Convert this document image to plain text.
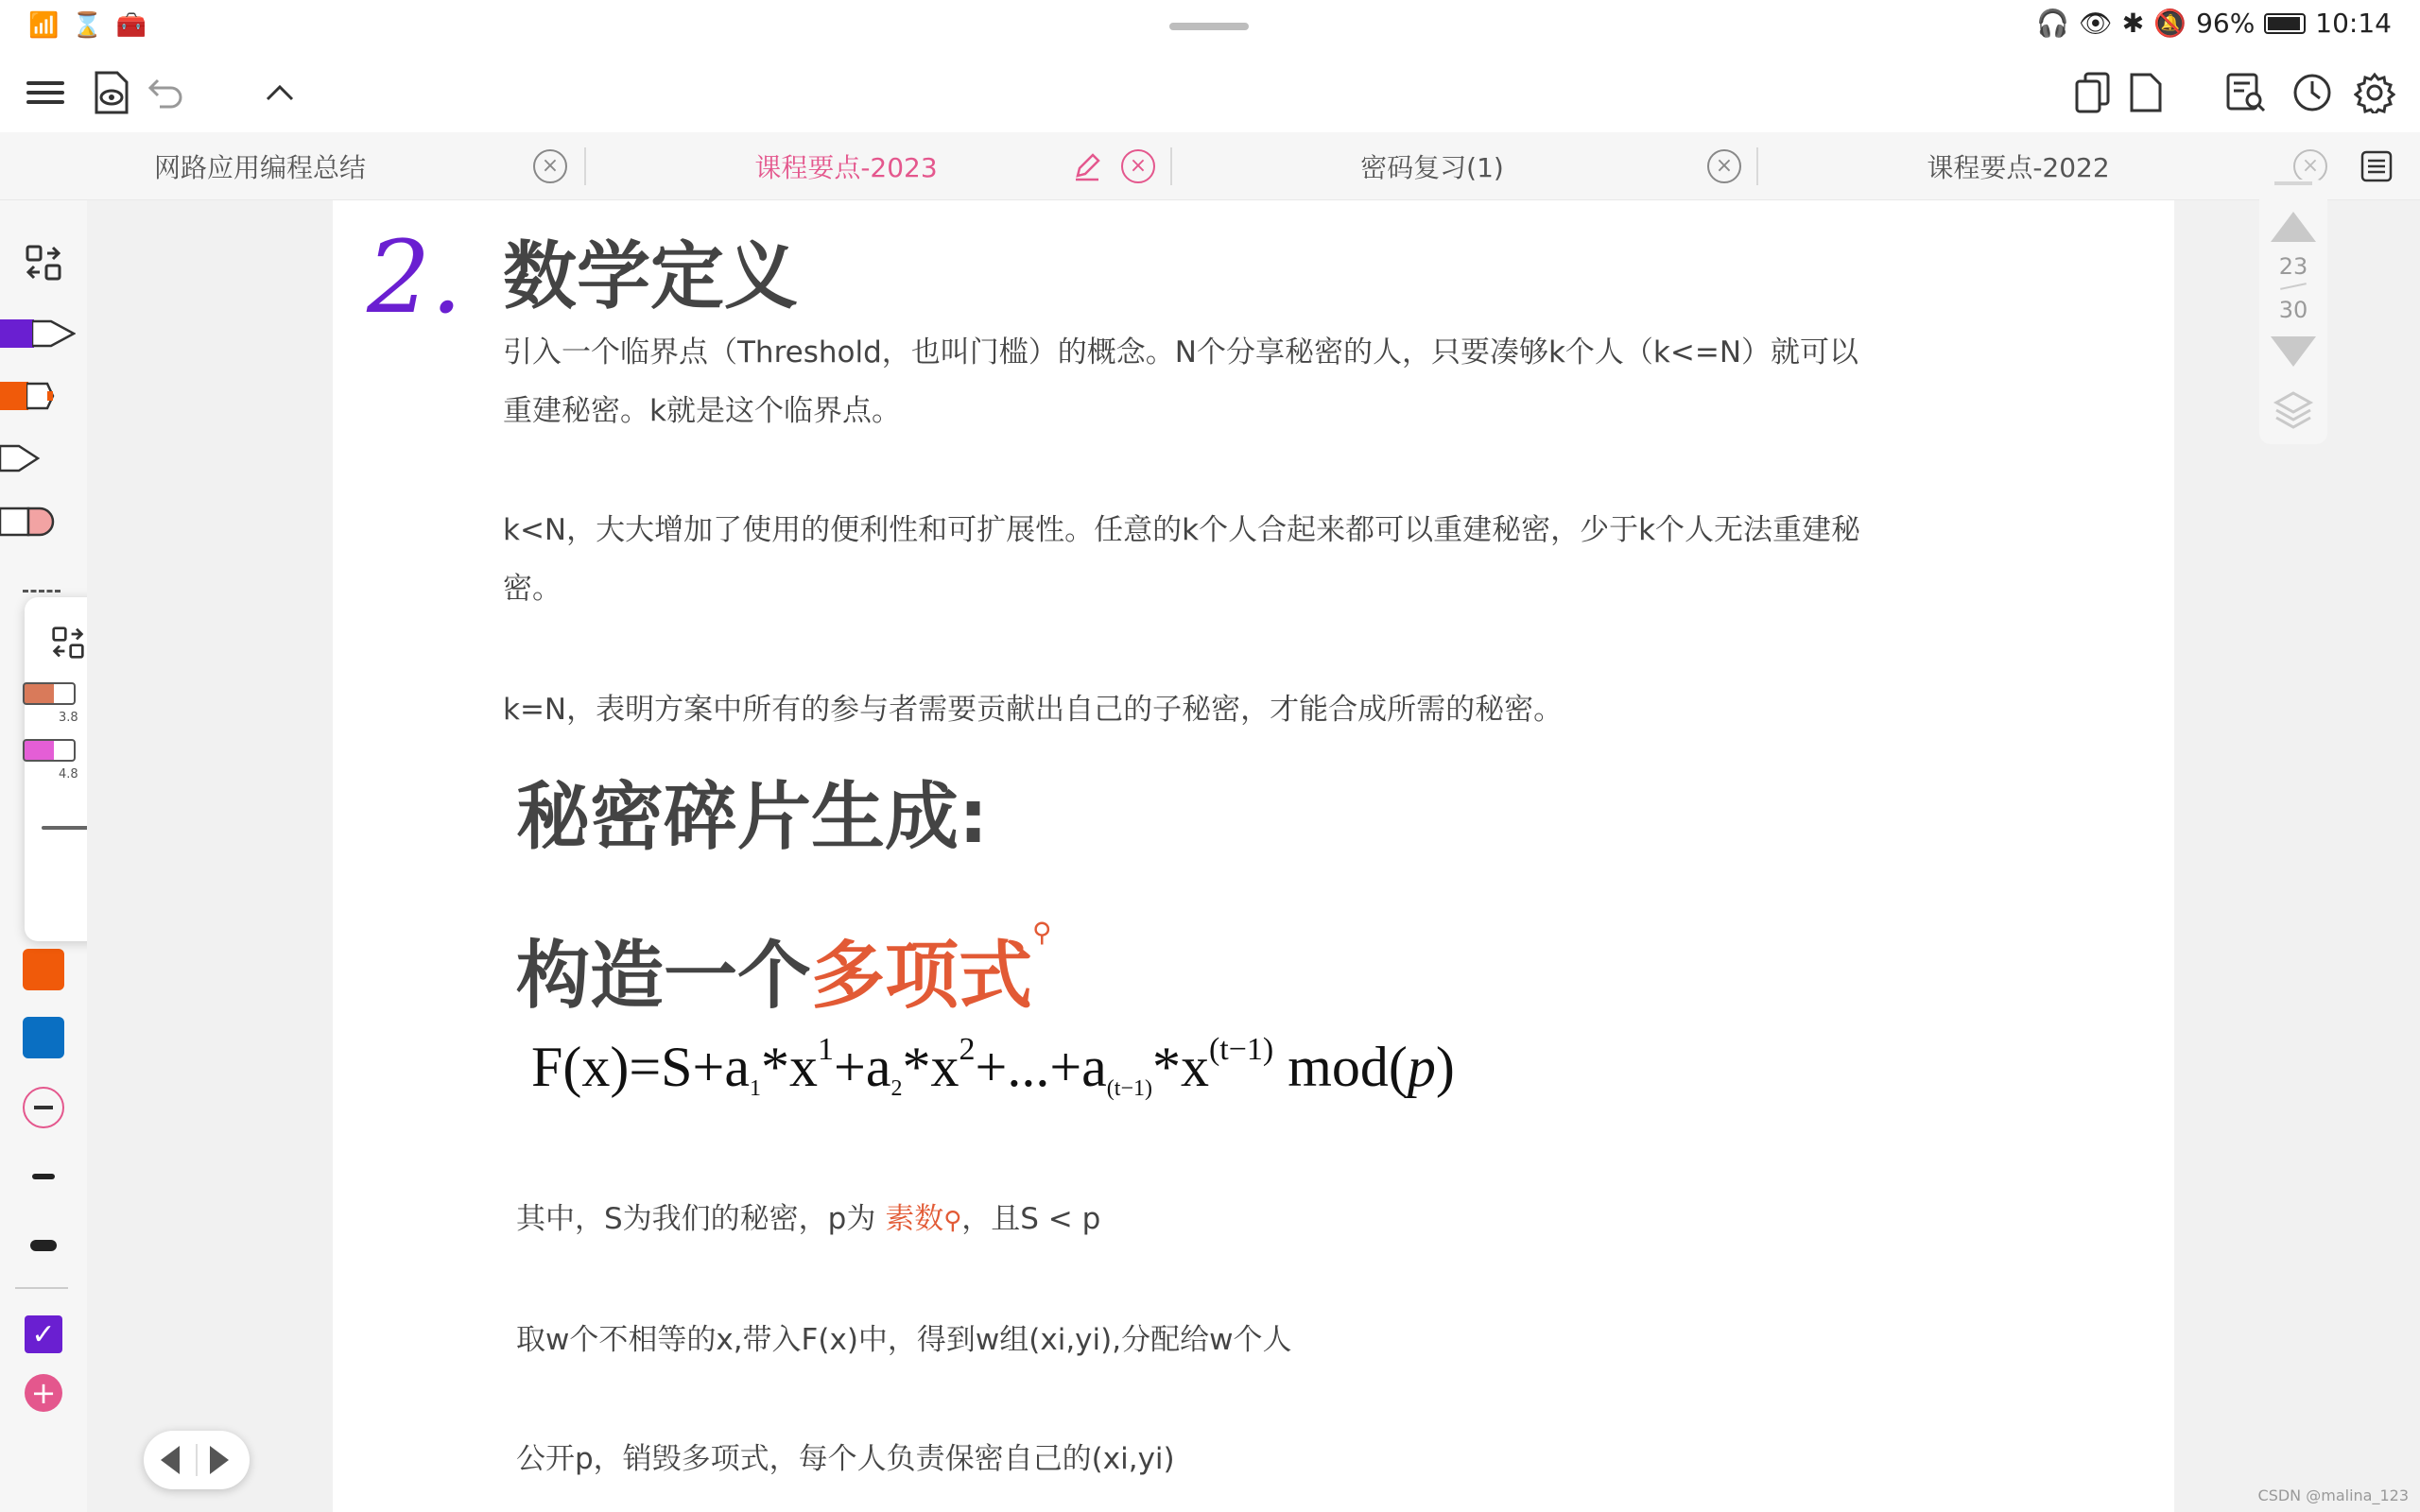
📶 ⌛ 🧰	🎧 👁 ✱ 🔕 96% 10:14
网路应用编程总结	×	课程要点-2023	×	密码复习(1)	×	课程要点-2022	×
✓
+
3.8
4.8
2. 数学定义
引入一个临界点（Threshold，也叫门槛）的概念。N个分享秘密的人，只要凑够k个人（k<=N）就可以重建秘密。k就是这个临界点。
k<N，大大增加了使用的便利性和可扩展性。任意的k个人合起来都可以重建秘密，少于k个人无法重建秘密。
k=N，表明方案中所有的参与者需要贡献出自己的子秘密，才能合成所需的秘密。
秘密碎片生成:
构造一个多项式⚲
$F(x)=S+a_1*x^1+a_2*x^2+...+a_{(t-1)}*x^{(t-1)}$ mod(p)
其中，S为我们的秘密，p为 素数⚲，且S < p
取w个不相等的x,带入F(x)中，得到w组(xi,yi),分配给w个人
公开p，销毁多项式，每个人负责保密自己的(xi,yi)
23
30
CSDN @malina_123
